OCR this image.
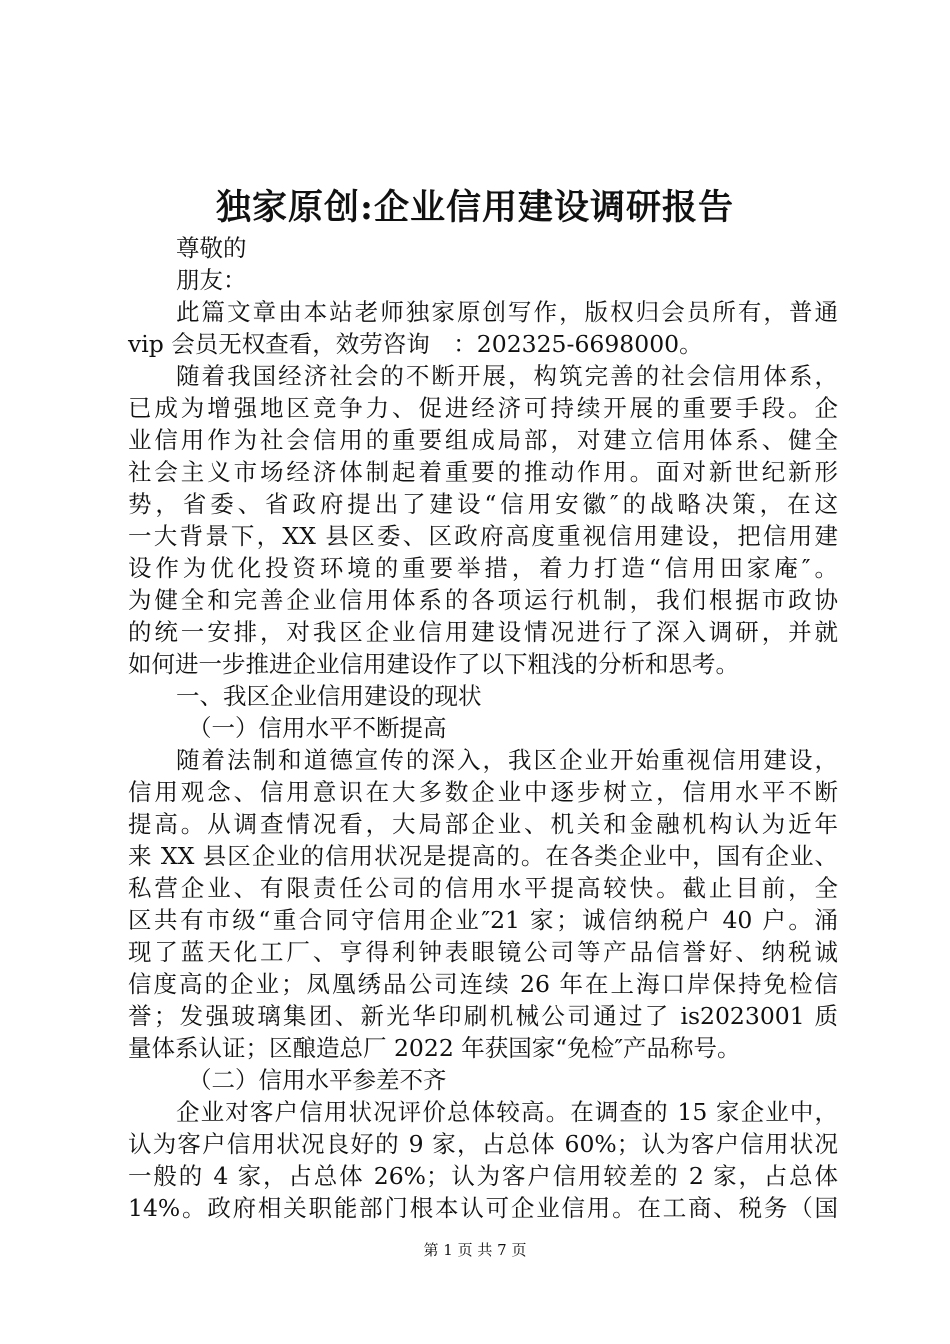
独家原创:企业信用建设调研报告
尊敬的
朋友：
此篇文章由本站老师独家原创写作，版权归会员所有，普通
vip 会员无权查看，效劳咨询　：202325-6698000。
随着我国经济社会的不断开展，构筑完善的社会信用体系，
已成为增强地区竞争力、促进经济可持续开展的重要手段。企
业信用作为社会信用的重要组成局部，对建立信用体系、健全
社会主义市场经济体制起着重要的推动作用。面对新世纪新形
势，省委、省政府提出了建设“信用安徽″的战略决策，在这
一大背景下，XX 县区委、区政府高度重视信用建设，把信用建
设作为优化投资环境的重要举措，着力打造“信用田家庵″。
为健全和完善企业信用体系的各项运行机制，我们根据市政协
的统一安排，对我区企业信用建设情况进行了深入调研，并就
如何进一步推进企业信用建设作了以下粗浅的分析和思考。
一、我区企业信用建设的现状
（一）信用水平不断提高
随着法制和道德宣传的深入，我区企业开始重视信用建设，
信用观念、信用意识在大多数企业中逐步树立，信用水平不断
提高。从调查情况看，大局部企业、机关和金融机构认为近年
来 XX 县区企业的信用状况是提高的。在各类企业中，国有企业、
私营企业、有限责任公司的信用水平提高较快。截止目前，全
区共有市级“重合同守信用企业″21 家；诚信纳税户 40 户。涌
现了蓝天化工厂、亨得利钟表眼镜公司等产品信誉好、纳税诚
信度高的企业；凤凰绣品公司连续 26 年在上海口岸保持免检信
誉；发强玻璃集团、新光华印刷机械公司通过了 is2023001 质
量体系认证；区酿造总厂 2022 年获国家“免检″产品称号。
（二）信用水平参差不齐
企业对客户信用状况评价总体较高。在调查的 15 家企业中，
认为客户信用状况良好的 9 家，占总体 60%；认为客户信用状况
一般的 4 家，占总体 26%；认为客户信用较差的 2 家，占总体
14%。政府相关职能部门根本认可企业信用。在工商、税务（国
第 1 页 共 7 页
